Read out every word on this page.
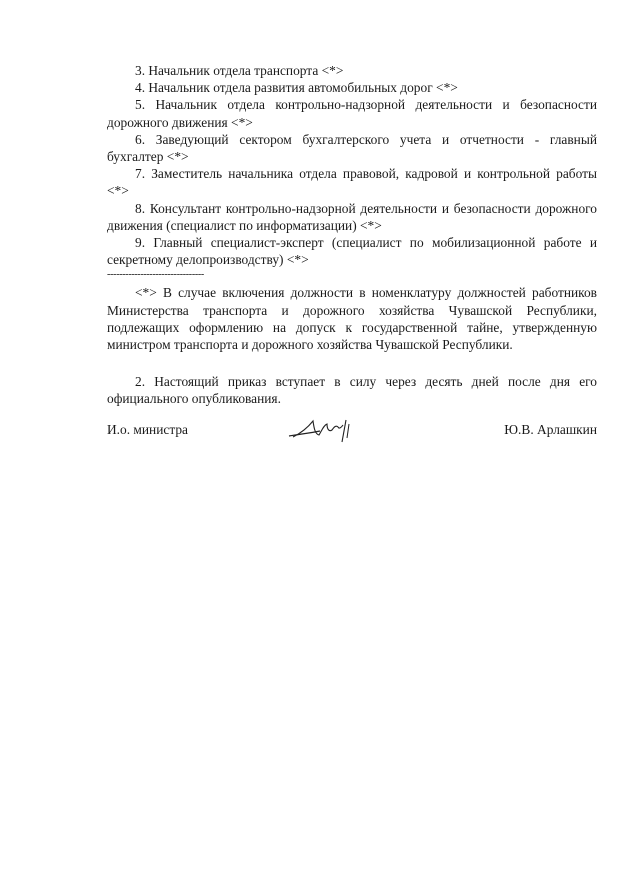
3. Начальник отдела транспорта <*>

4. Начальник отдела развития автомобильных дорог <*>

5. Начальник отдела контрольно-надзорной деятельности и безопасности дорожного движения <*>

6. Заведующий сектором бухгалтерского учета и отчетности - главный бухгалтер <*>

7. Заместитель начальника отдела правовой, кадровой и контрольной работы <*>

8. Консультант контрольно-надзорной деятельности и безопасности дорожного движения (специалист по информатизации) <*>

9. Главный специалист-эксперт (специалист по мобилизационной работе и секретному делопроизводству) <*>

--------------------------------

<*> В случае включения должности в номенклатуру должностей работников Министерства транспорта и дорожного хозяйства Чувашской Республики, подлежащих оформлению на допуск к государственной тайне, утвержденную министром транспорта и дорожного хозяйства Чувашской Республики.

2. Настоящий приказ вступает в силу через десять дней после дня его официального опубликования.

И.о. министра	Ю.В. Арлашкин
